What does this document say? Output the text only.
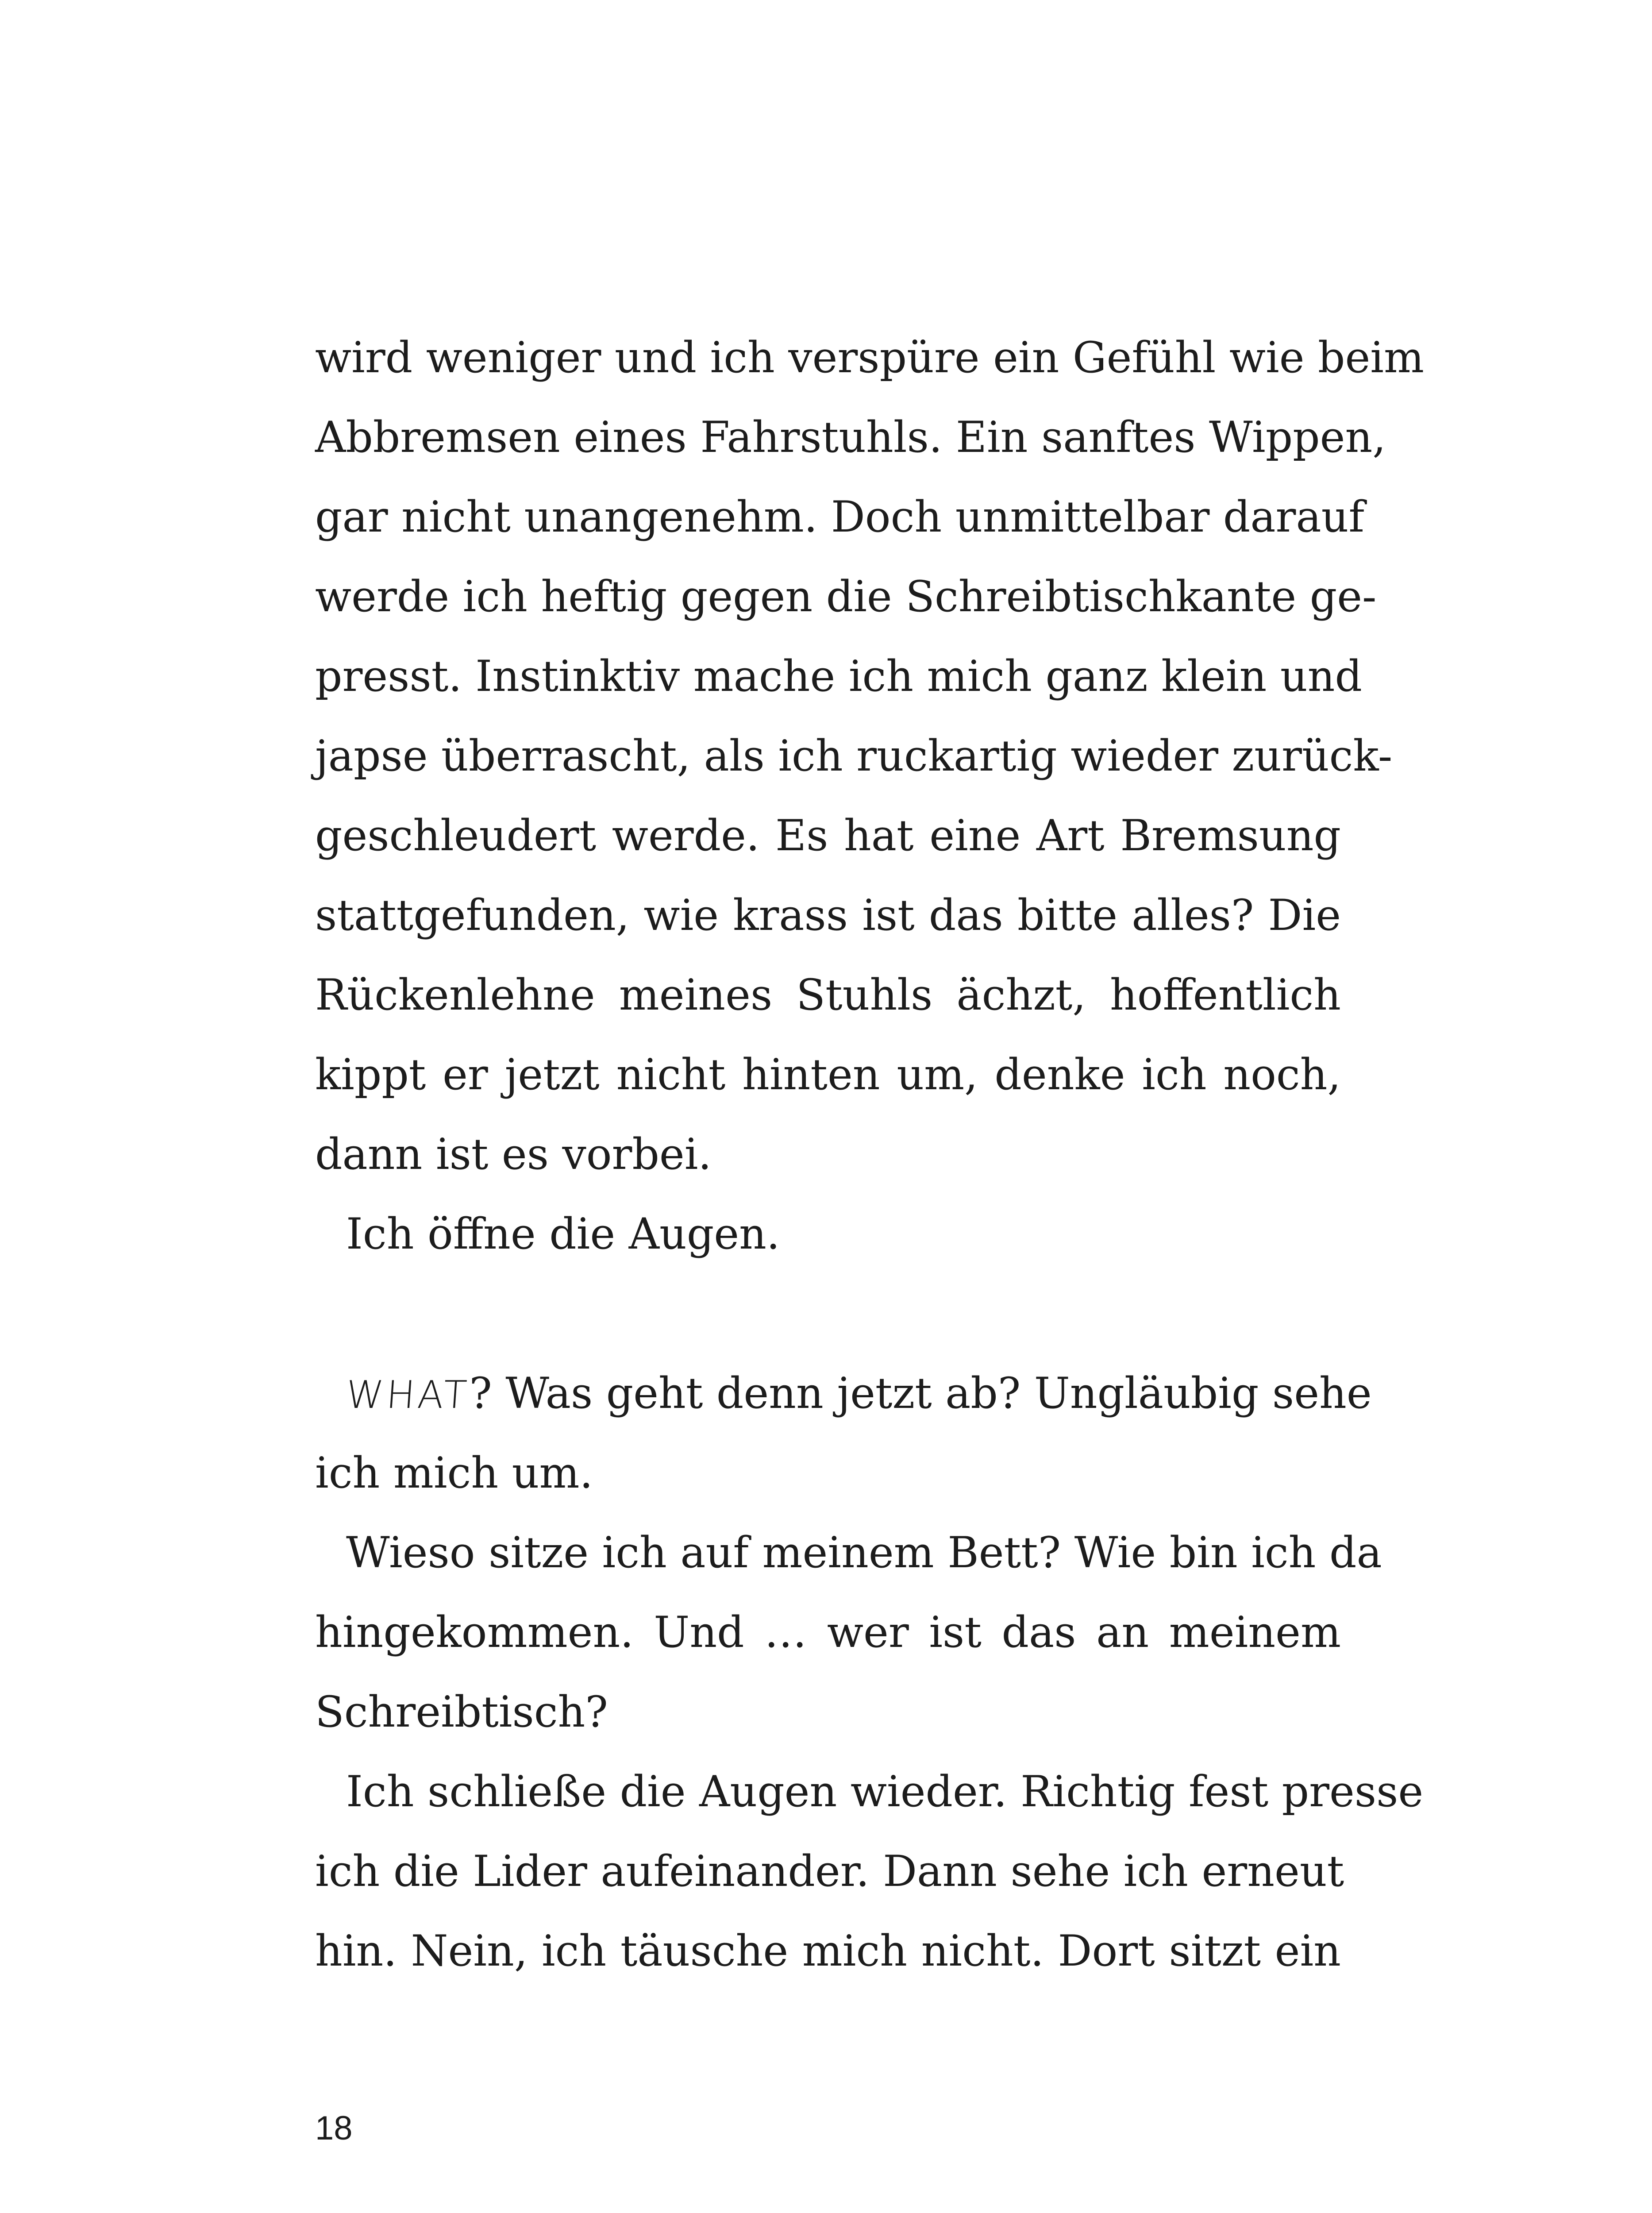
wird weniger und ich verspüre ein Gefühl wie beim
Abbremsen eines Fahrstuhls. Ein sanftes Wippen,
gar nicht unangenehm. Doch unmittelbar darauf
werde ich heftig gegen die Schreibtischkante ge-
presst. Instinktiv mache ich mich ganz klein und
japse überrascht, als ich ruckartig wieder zurück-
geschleudert werde. Es hat eine Art Bremsung
stattgefunden, wie krass ist das bitte alles? Die
Rückenlehne meines Stuhls ächzt, hoffentlich
kippt er jetzt nicht hinten um, denke ich noch,
dann ist es vorbei.
Ich öffne die Augen.
WHAT? Was geht denn jetzt ab? Ungläubig sehe
ich mich um.
Wieso sitze ich auf meinem Bett? Wie bin ich da
hingekommen. Und … wer ist das an meinem
Schreibtisch?
Ich schließe die Augen wieder. Richtig fest presse
ich die Lider aufeinander. Dann sehe ich erneut
hin. Nein, ich täusche mich nicht. Dort sitzt ein
18
